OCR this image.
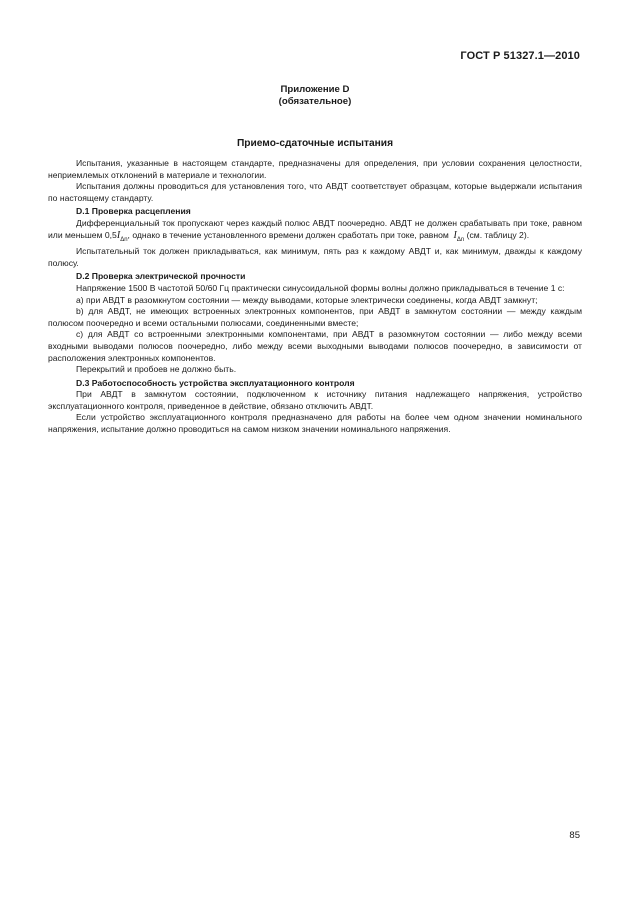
ГОСТ Р 51327.1—2010
Приложение D
(обязательное)
Приемо-сдаточные испытания

Испытания, указанные в настоящем стандарте, предназначены для определения, при условии сохранения целостности, неприемлемых отклонений в материале и технологии.

Испытания должны проводиться для установления того, что АВДТ соответствует образцам, которые выдержали испытания по настоящему стандарту.

D.1 Проверка расцепления

Дифференциальный ток пропускают через каждый полюс АВДТ поочередно. АВДТ не должен срабатывать при токе, равном или меньшем $0,5I_{\Delta n}$, однако в течение установленного времени должен сработать при токе, равном $I_{\Delta n}$ (см. таблицу 2).

Испытательный ток должен прикладываться, как минимум, пять раз к каждому АВДТ и, как минимум, дважды к каждому полюсу.

D.2 Проверка электрической прочности

Напряжение 1500 В частотой 50/60 Гц практически синусоидальной формы волны должно прикладываться в течение 1 с:

а) при АВДТ в разомкнутом состоянии — между выводами, которые электрически соединены, когда АВДТ замкнут;

b) для АВДТ, не имеющих встроенных электронных компонентов, при АВДТ в замкнутом состоянии — между каждым полюсом поочередно и всеми остальными полюсами, соединенными вместе;

с) для АВДТ со встроенными электронными компонентами, при АВДТ в разомкнутом состоянии — либо между всеми входными выводами полюсов поочередно, либо между всеми выходными выводами полюсов поочередно, в зависимости от расположения электронных компонентов.

Перекрытий и пробоев не должно быть.

D.3 Работоспособность устройства эксплуатационного контроля

При АВДТ в замкнутом состоянии, подключенном к источнику питания надлежащего напряжения, устройство эксплуатационного контроля, приведенное в действие, обязано отключить АВДТ.

Если устройство эксплуатационного контроля предназначено для работы на более чем одном значении номинального напряжения, испытание должно проводиться на самом низком значении номинального напряжения.

85
